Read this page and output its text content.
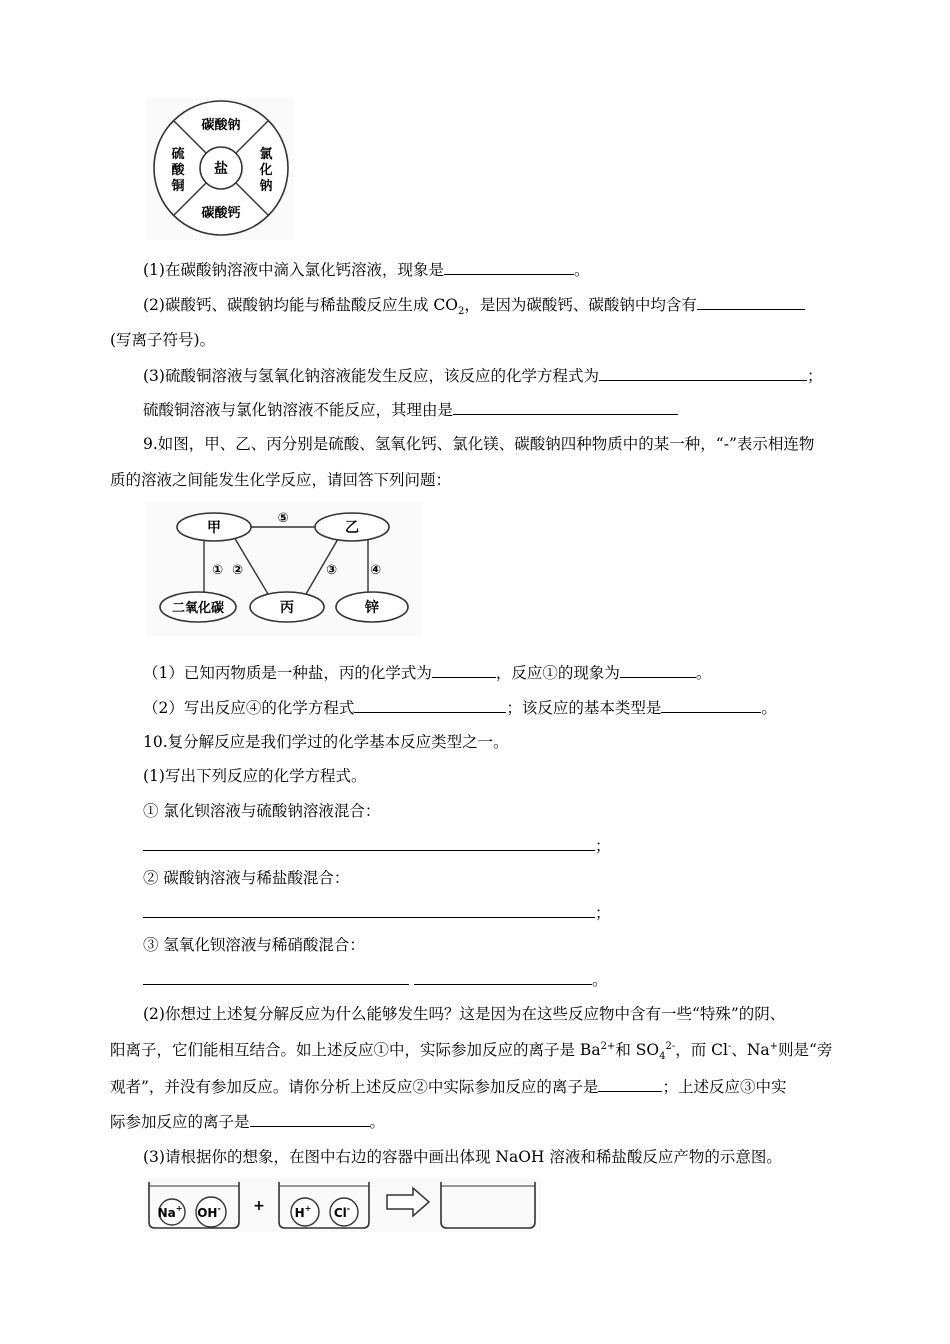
盐
碳酸钠
碳酸钙
硫
酸
铜
氯
化
钠
(1)在碳酸钠溶液中滴入氯化钙溶液，现象是	。
(2)碳酸钙、碳酸钠均能与稀盐酸反应生成 $CO_2$，是因为碳酸钙、碳酸钠中均含有
(写离子符号)。
(3)硫酸铜溶液与氢氧化钠溶液能发生反应，该反应的化学方程式为	；
硫酸铜溶液与氯化钠溶液不能反应，其理由是
9.如图，甲、乙、丙分别是硫酸、氢氧化钙、氯化镁、碳酸钠四种物质中的某一种，“-”表示相连物
质的溶液之间能发生化学反应，请回答下列问题：
甲	乙
二氧化碳	丙	锌
⑤
① ②	③	④
（1）已知丙物质是一种盐，丙的化学式为	，反应①的现象为	。
（2）写出反应④的化学方程式	；该反应的基本类型是	。
10.复分解反应是我们学过的化学基本反应类型之一。
(1)写出下列反应的化学方程式。
① 氯化钡溶液与硫酸钠溶液混合：
；
② 碳酸钠溶液与稀盐酸混合：
；
③ 氢氧化钡溶液与稀硝酸混合：
。
(2)你想过上述复分解反应为什么能够发生吗？这是因为在这些反应物中含有一些“特殊”的阴、
阳离子，它们能相互结合。如上述反应①中，实际参加反应的离子是 $Ba^{2+}$和 $SO_4^{2-}$，而 Cl-、Na+则是“旁
观者”，并没有参加反应。请你分析上述反应②中实际参加反应的离子是	；上述反应③中实
际参加反应的离子是	。
(3)请根据你的想象，在图中右边的容器中画出体现 NaOH 溶液和稀盐酸反应产物的示意图。
Na+ OH- + H+ Cl-
